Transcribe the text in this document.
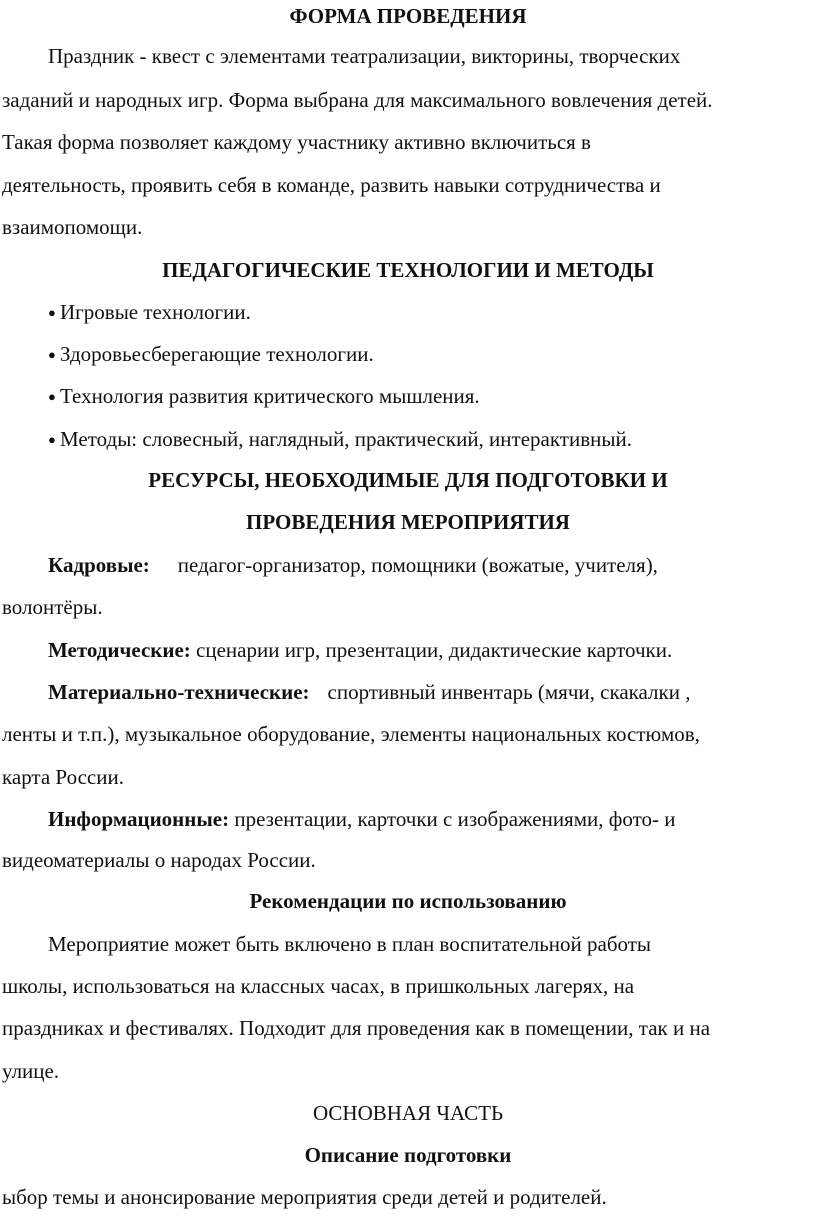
ФОРМА ПРОВЕДЕНИЯ
Праздник - квест с элементами театрализации, викторины, творческих
заданий и народных игр. Форма выбрана для максимального вовлечения детей.
Такая форма позволяет каждому участнику активно включиться в
деятельность, проявить себя в команде, развить навыки сотрудничества и
взаимопомощи.
ПЕДАГОГИЧЕСКИЕ ТЕХНОЛОГИИ И МЕТОДЫ
● Игровые технологии.
● Здоровьесберегающие технологии.
● Технология развития критического мышления.
● Методы: словесный, наглядный, практический, интерактивный.
РЕСУРСЫ, НЕОБХОДИМЫЕ ДЛЯ ПОДГОТОВКИ И
ПРОВЕДЕНИЯ МЕРОПРИЯТИЯ
Кадровые: педагог-организатор, помощники (вожатые, учителя),
волонтёры.
Методические: сценарии игр, презентации, дидактические карточки.
Материально-технические: спортивный инвентарь (мячи, скакалки ,
ленты и т.п.), музыкальное оборудование, элементы национальных костюмов,
карта России.
Информационные: презентации, карточки с изображениями, фото- и
видеоматериалы о народах России.
Рекомендации по использованию
Мероприятие может быть включено в план воспитательной работы
школы, использоваться на классных часах, в пришкольных лагерях, на
праздниках и фестивалях. Подходит для проведения как в помещении, так и на
улице.
ОСНОВНАЯ ЧАСТЬ
Описание подготовки
ыбор темы и анонсирование мероприятия среди детей и родителей.
